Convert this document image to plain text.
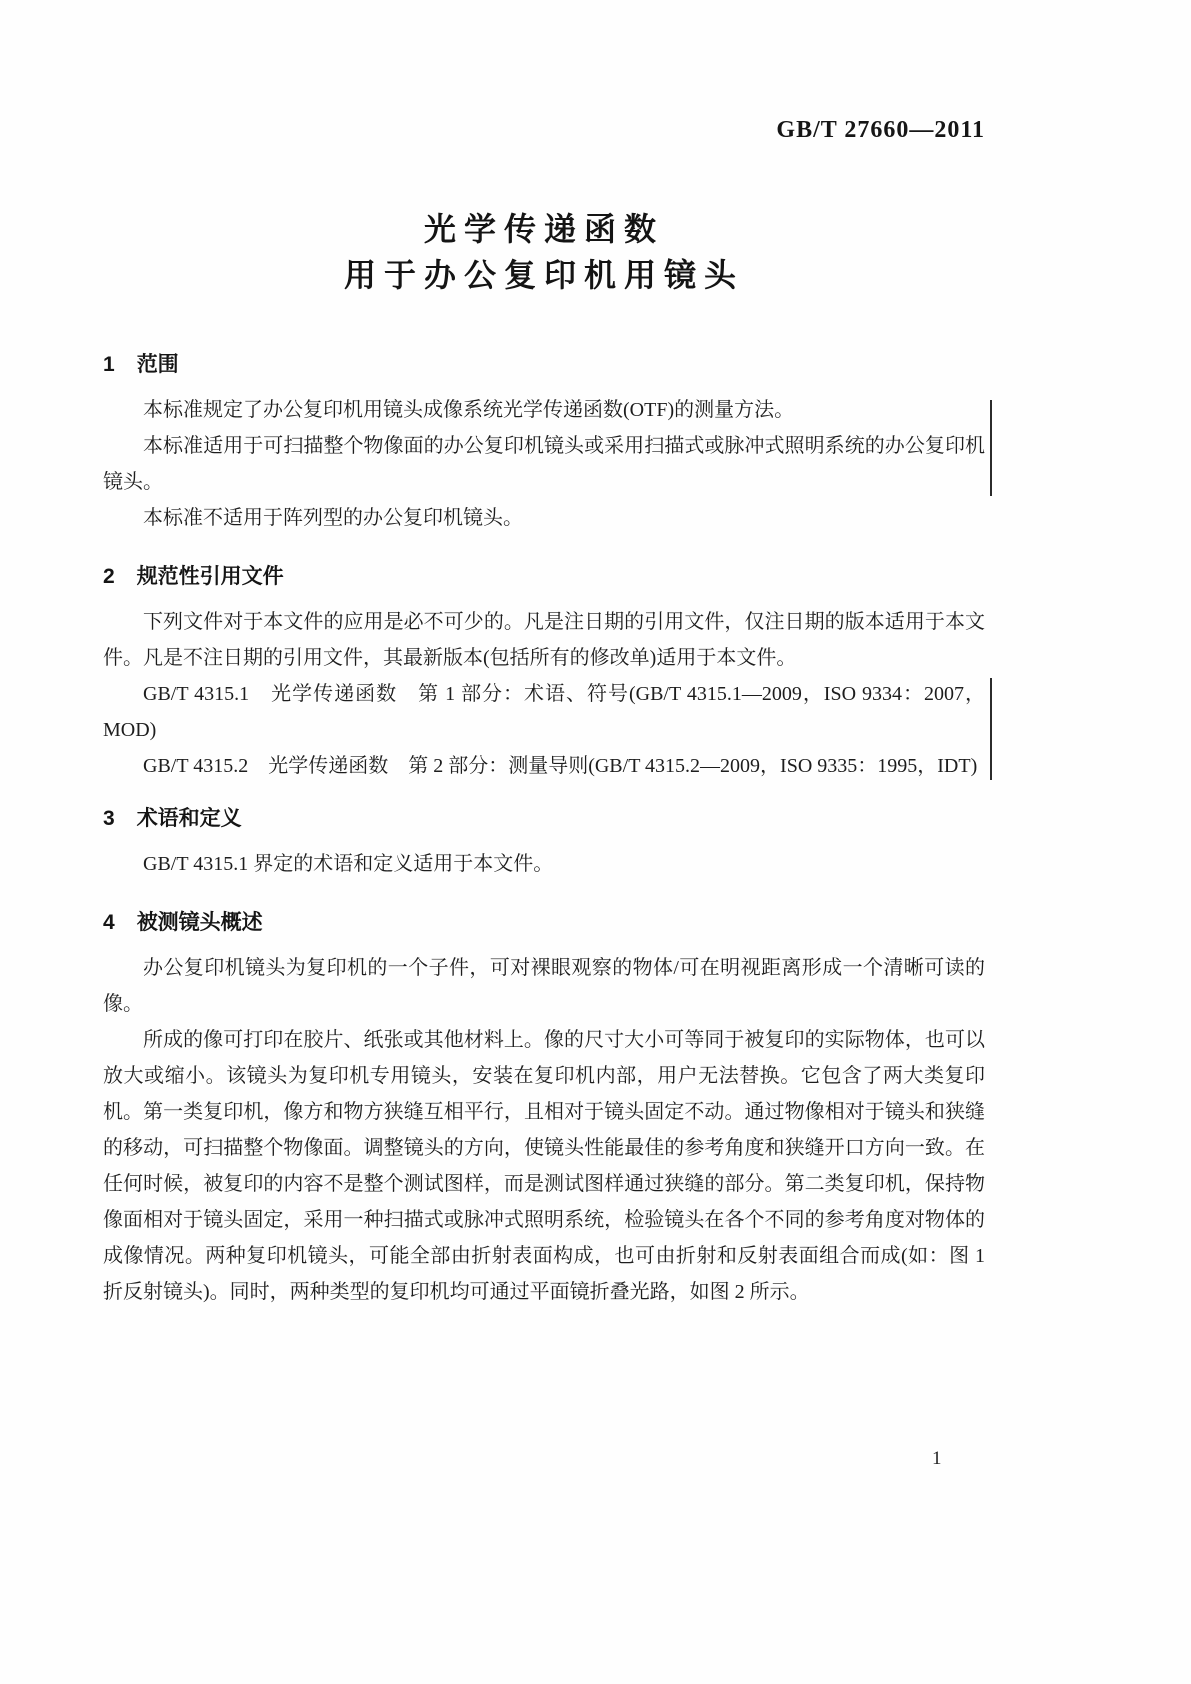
GB/T 27660—2011
光学传递函数
用于办公复印机用镜头
1 范围

本标准规定了办公复印机用镜头成像系统光学传递函数(OTF)的测量方法。

本标准适用于可扫描整个物像面的办公复印机镜头或采用扫描式或脉冲式照明系统的办公复印机镜头。

本标准不适用于阵列型的办公复印机镜头。

2 规范性引用文件

下列文件对于本文件的应用是必不可少的。凡是注日期的引用文件，仅注日期的版本适用于本文件。凡是不注日期的引用文件，其最新版本(包括所有的修改单)适用于本文件。

GB/T 4315.1　光学传递函数　第 1 部分：术语、符号(GB/T 4315.1—2009，ISO 9334：2007，MOD)

GB/T 4315.2　光学传递函数　第 2 部分：测量导则(GB/T 4315.2—2009，ISO 9335：1995，IDT)

3 术语和定义

GB/T 4315.1 界定的术语和定义适用于本文件。

4 被测镜头概述

办公复印机镜头为复印机的一个子件，可对裸眼观察的物体/可在明视距离形成一个清晰可读的像。

所成的像可打印在胶片、纸张或其他材料上。像的尺寸大小可等同于被复印的实际物体，也可以放大或缩小。该镜头为复印机专用镜头，安装在复印机内部，用户无法替换。它包含了两大类复印机。第一类复印机，像方和物方狭缝互相平行，且相对于镜头固定不动。通过物像相对于镜头和狭缝的移动，可扫描整个物像面。调整镜头的方向，使镜头性能最佳的参考角度和狭缝开口方向一致。在任何时候，被复印的内容不是整个测试图样，而是测试图样通过狭缝的部分。第二类复印机，保持物像面相对于镜头固定，采用一种扫描式或脉冲式照明系统，检验镜头在各个不同的参考角度对物体的成像情况。两种复印机镜头，可能全部由折射表面构成，也可由折射和反射表面组合而成(如：图 1 折反射镜头)。同时，两种类型的复印机均可通过平面镜折叠光路，如图 2 所示。

1
